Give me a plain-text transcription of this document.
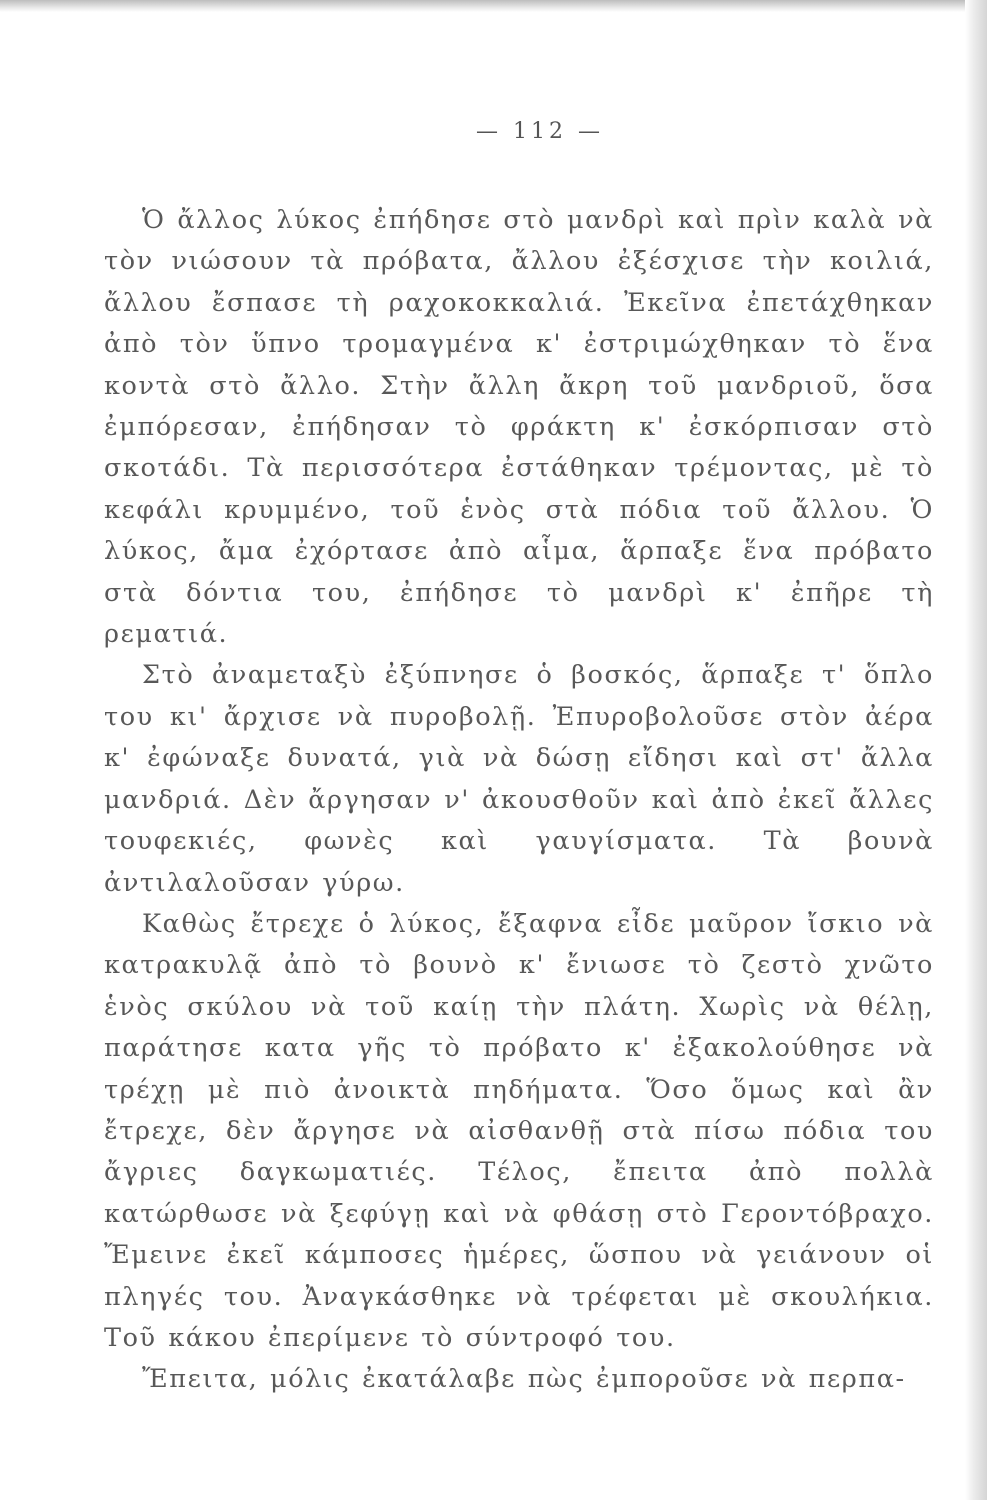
— 112 —

Ὁ ἄλλος λύκος ἐπήδησε στὸ μανδρὶ καὶ πρὶν καλὰ νὰ τὸν νιώσουν τὰ πρόβατα, ἄλλου ἐξέσχισε τὴν κοιλιά, ἄλλου ἔσπασε τὴ ραχοκοκκαλιά. Ἐκεῖνα ἐπετάχθηκαν ἀπὸ τὸν ὕπνο τρομαγμένα κ' ἐστριμώχθηκαν τὸ ἕνα κοντὰ στὸ ἄλλο. Στὴν ἄλλη ἄκρη τοῦ μανδριοῦ, ὅσα ἐμπόρεσαν, ἐπήδησαν τὸ φράκτη κ' ἐσκόρπισαν στὸ σκοτάδι. Τὰ περισσότερα ἐστάθηκαν τρέμοντας, μὲ τὸ κεφάλι κρυμμένο, τοῦ ἑνὸς στὰ πόδια τοῦ ἄλλου. Ὁ λύκος, ἄμα ἐχόρτασε ἀπὸ αἷμα, ἅρπαξε ἕνα πρόβατο στὰ δόντια του, ἐπήδησε τὸ μανδρὶ κ' ἐπῆρε τὴ ρεματιά.

Στὸ ἀναμεταξὺ ἐξύπνησε ὁ βοσκός, ἅρπαξε τ' ὅπλο του κι' ἄρχισε νὰ πυροβολῇ. Ἐπυροβολοῦσε στὸν ἀέρα κ' ἐφώναξε δυνατά, γιὰ νὰ δώσῃ εἴδησι καὶ στ' ἄλλα μανδριά. Δὲν ἄργησαν ν' ἀκουσθοῦν καὶ ἀπὸ ἐκεῖ ἄλλες τουφεκιές, φωνὲς καὶ γαυγίσματα. Τὰ βουνὰ ἀντιλαλοῦσαν γύρω.

Καθὼς ἔτρεχε ὁ λύκος, ἔξαφνα εἶδε μαῦρον ἴσκιο νὰ κατρακυλᾷ ἀπὸ τὸ βουνὸ κ' ἔνιωσε τὸ ζεστὸ χνῶτο ἑνὸς σκύλου νὰ τοῦ καίῃ τὴν πλάτη. Χωρὶς νὰ θέλῃ, παράτησε κατα γῆς τὸ πρόβατο κ' ἐξακολούθησε νὰ τρέχῃ μὲ πιὸ ἀνοικτὰ πηδήματα. Ὅσο ὅμως καὶ ἂν ἔτρεχε, δὲν ἄργησε νὰ αἰσθανθῇ στὰ πίσω πόδια του ἄγριες δαγκωματιές. Τέλος, ἔπειτα ἀπὸ πολλὰ κατώρθωσε νὰ ξεφύγῃ καὶ νὰ φθάσῃ στὸ Γεροντόβραχο. Ἔμεινε ἐκεῖ κάμποσες ἡμέρες, ὥσπου νὰ γειάνουν οἱ πληγές του. Ἀναγκάσθηκε νὰ τρέφεται μὲ σκουλήκια. Τοῦ κάκου ἐπερίμενε τὸ σύντροφό του.

Ἔπειτα, μόλις ἐκατάλαβε πὼς ἐμποροῦσε νὰ περπα-
